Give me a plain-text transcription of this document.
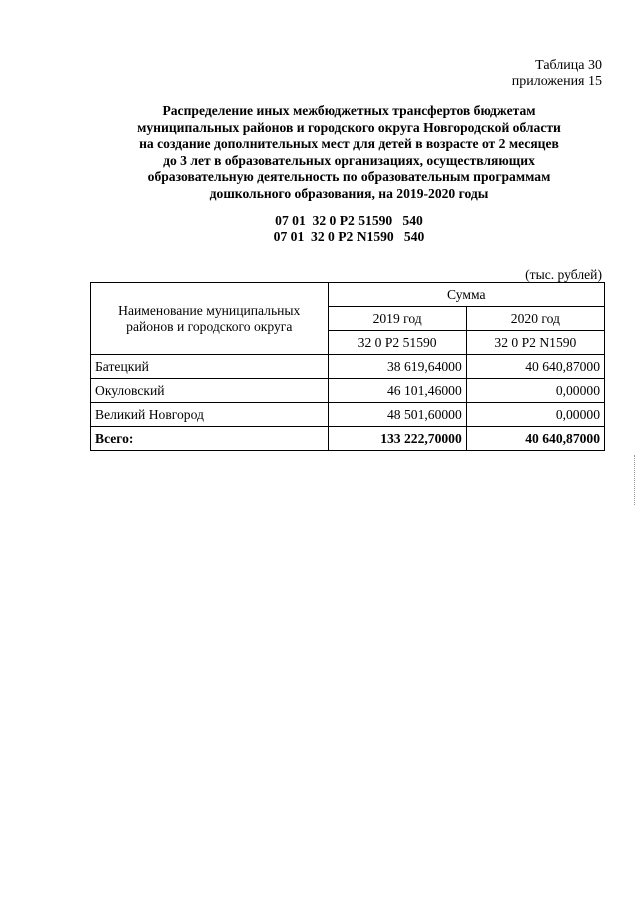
Таблица 30
приложения 15
Распределение иных межбюджетных трансфертов бюджетам
муниципальных районов и городского округа Новгородской области
на создание дополнительных мест для детей в возрасте от 2 месяцев
до 3 лет в образовательных организациях, осуществляющих
образовательную деятельность по образовательным программам
дошкольного образования, на 2019-2020 годы
07 01  32 0 Р2 51590   540
07 01  32 0 Р2 N1590   540
(тыс. рублей)
Наименование муниципальных районов и городского округа	Сумма	
	2019 год	2020 год
	32 0 Р2 51590	32 0 Р2 N1590
Батецкий	38 619,64000	40 640,87000
Окуловский	46 101,46000	0,00000
Великий Новгород	48 501,60000	0,00000
Всего:	133 222,70000	40 640,87000
